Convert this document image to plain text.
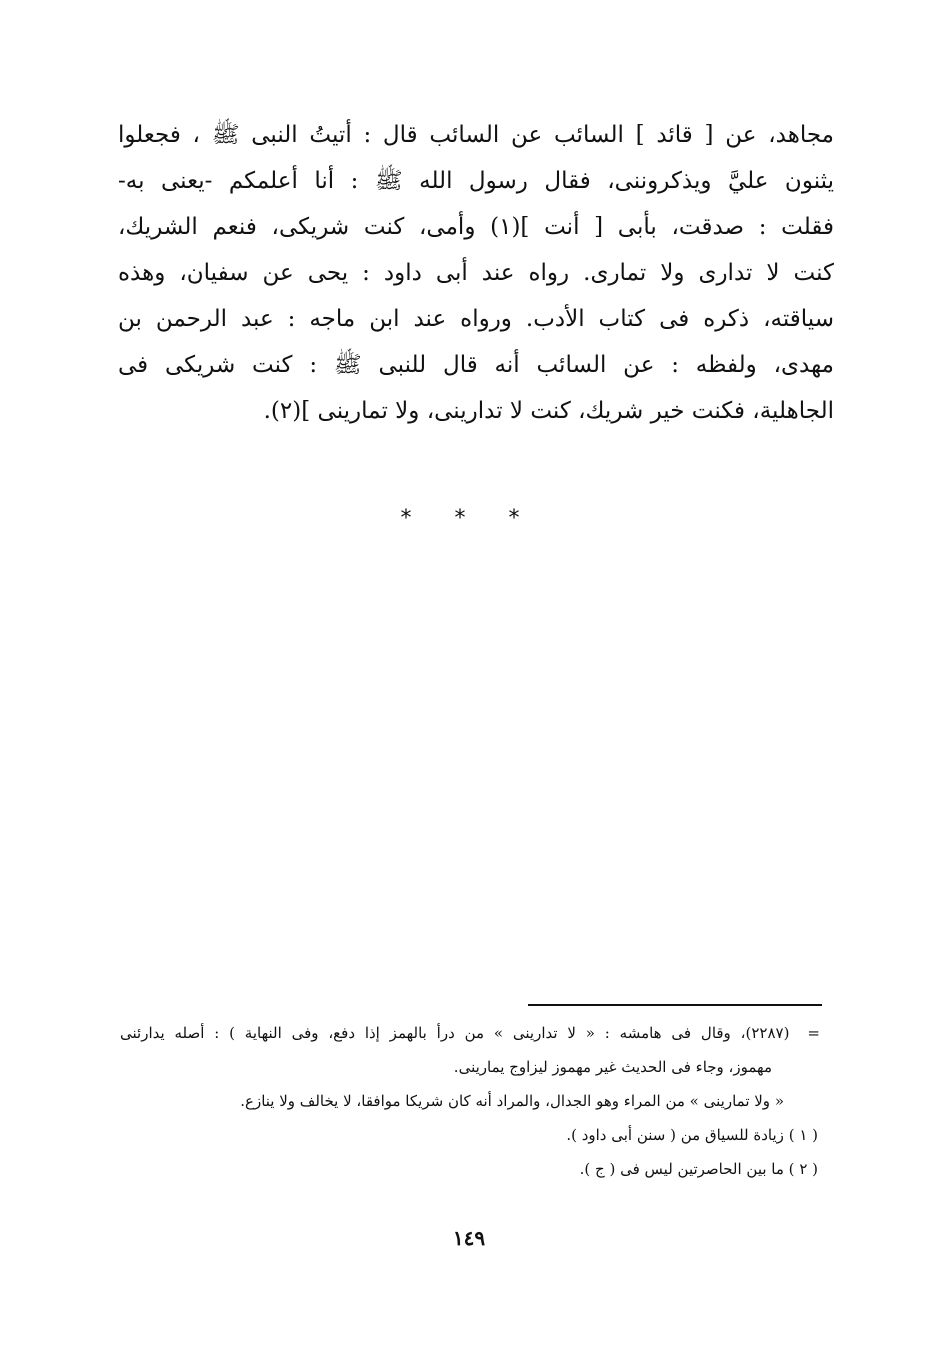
مجاهد، عن [ قائد ] السائب عن السائب قال : أتيتُ النبى ﷺ ، فجعلوا
يثنون عليَّ ويذكروننى، فقال رسول الله ﷺ : أنا أعلمكم -يعنى به-
فقلت : صدقت، بأبى [ أنت ](١) وأمى، كنت شريكى، فنعم الشريك،
كنت لا تدارى ولا تمارى. رواه عند أبى داود : يحى عن سفيان، وهذه
سياقته، ذكره فى كتاب الأدب. ورواه عند ابن ماجه : عبد الرحمن بن
مهدى، ولفظه : عن السائب أنه قال للنبى ﷺ : كنت شريكى فى
الجاهلية، فكنت خير شريك، كنت لا تدارينى، ولا تمارينى ](٢).
* * *
=(٢٢٨٧)، وقال فى هامشه : « لا تدارينى » من درأ بالهمز إذا دفع، وفى النهاية ) : أصله يدارئنى
مهموز، وجاء فى الحديث غير مهموز ليزاوج يمارينى.
« ولا تمارينى » من المراء وهو الجدال، والمراد أنه كان شريكا موافقا، لا يخالف ولا ينازع.
( ١ ) زيادة للسياق من ( سنن أبى داود ).
( ٢ ) ما بين الحاصرتين ليس فى ( ج ).
١٤٩
